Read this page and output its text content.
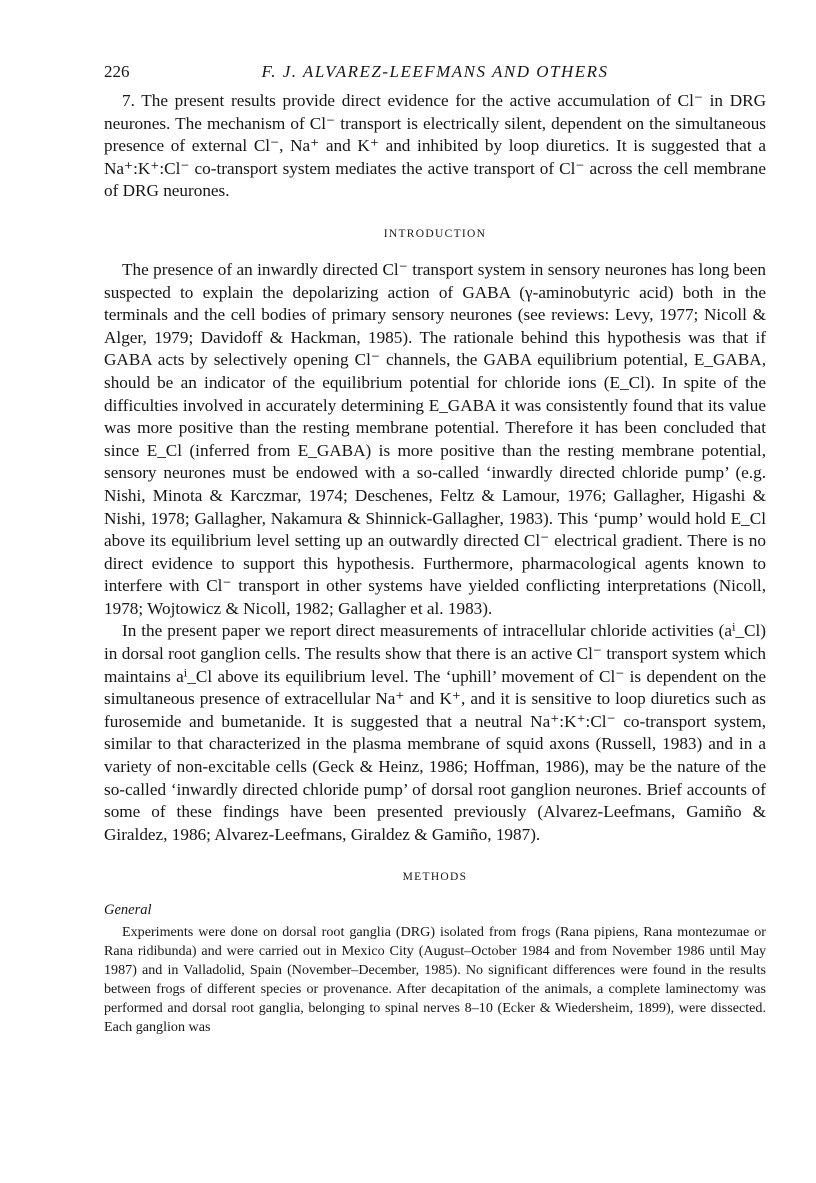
226	F. J. ALVAREZ-LEEFMANS AND OTHERS

7. The present results provide direct evidence for the active accumulation of Cl⁻ in DRG neurones. The mechanism of Cl⁻ transport is electrically silent, dependent on the simultaneous presence of external Cl⁻, Na⁺ and K⁺ and inhibited by loop diuretics. It is suggested that a Na⁺:K⁺:Cl⁻ co-transport system mediates the active transport of Cl⁻ across the cell membrane of DRG neurones.

INTRODUCTION

The presence of an inwardly directed Cl⁻ transport system in sensory neurones has long been suspected to explain the depolarizing action of GABA (γ-aminobutyric acid) both in the terminals and the cell bodies of primary sensory neurones (see reviews: Levy, 1977; Nicoll & Alger, 1979; Davidoff & Hackman, 1985). The rationale behind this hypothesis was that if GABA acts by selectively opening Cl⁻ channels, the GABA equilibrium potential, E_GABA, should be an indicator of the equilibrium potential for chloride ions (E_Cl). In spite of the difficulties involved in accurately determining E_GABA it was consistently found that its value was more positive than the resting membrane potential. Therefore it has been concluded that since E_Cl (inferred from E_GABA) is more positive than the resting membrane potential, sensory neurones must be endowed with a so-called ‘inwardly directed chloride pump’ (e.g. Nishi, Minota & Karczmar, 1974; Deschenes, Feltz & Lamour, 1976; Gallagher, Higashi & Nishi, 1978; Gallagher, Nakamura & Shinnick-Gallagher, 1983). This ‘pump’ would hold E_Cl above its equilibrium level setting up an outwardly directed Cl⁻ electrical gradient. There is no direct evidence to support this hypothesis. Furthermore, pharmacological agents known to interfere with Cl⁻ transport in other systems have yielded conflicting interpretations (Nicoll, 1978; Wojtowicz & Nicoll, 1982; Gallagher et al. 1983).

In the present paper we report direct measurements of intracellular chloride activities (aⁱ_Cl) in dorsal root ganglion cells. The results show that there is an active Cl⁻ transport system which maintains aⁱ_Cl above its equilibrium level. The ‘uphill’ movement of Cl⁻ is dependent on the simultaneous presence of extracellular Na⁺ and K⁺, and it is sensitive to loop diuretics such as furosemide and bumetanide. It is suggested that a neutral Na⁺:K⁺:Cl⁻ co-transport system, similar to that characterized in the plasma membrane of squid axons (Russell, 1983) and in a variety of non-excitable cells (Geck & Heinz, 1986; Hoffman, 1986), may be the nature of the so-called ‘inwardly directed chloride pump’ of dorsal root ganglion neurones. Brief accounts of some of these findings have been presented previously (Alvarez-Leefmans, Gamiño & Giraldez, 1986; Alvarez-Leefmans, Giraldez & Gamiño, 1987).

METHODS
General

Experiments were done on dorsal root ganglia (DRG) isolated from frogs (Rana pipiens, Rana montezumae or Rana ridibunda) and were carried out in Mexico City (August–October 1984 and from November 1986 until May 1987) and in Valladolid, Spain (November–December, 1985). No significant differences were found in the results between frogs of different species or provenance. After decapitation of the animals, a complete laminectomy was performed and dorsal root ganglia, belonging to spinal nerves 8–10 (Ecker & Wiedersheim, 1899), were dissected. Each ganglion was
